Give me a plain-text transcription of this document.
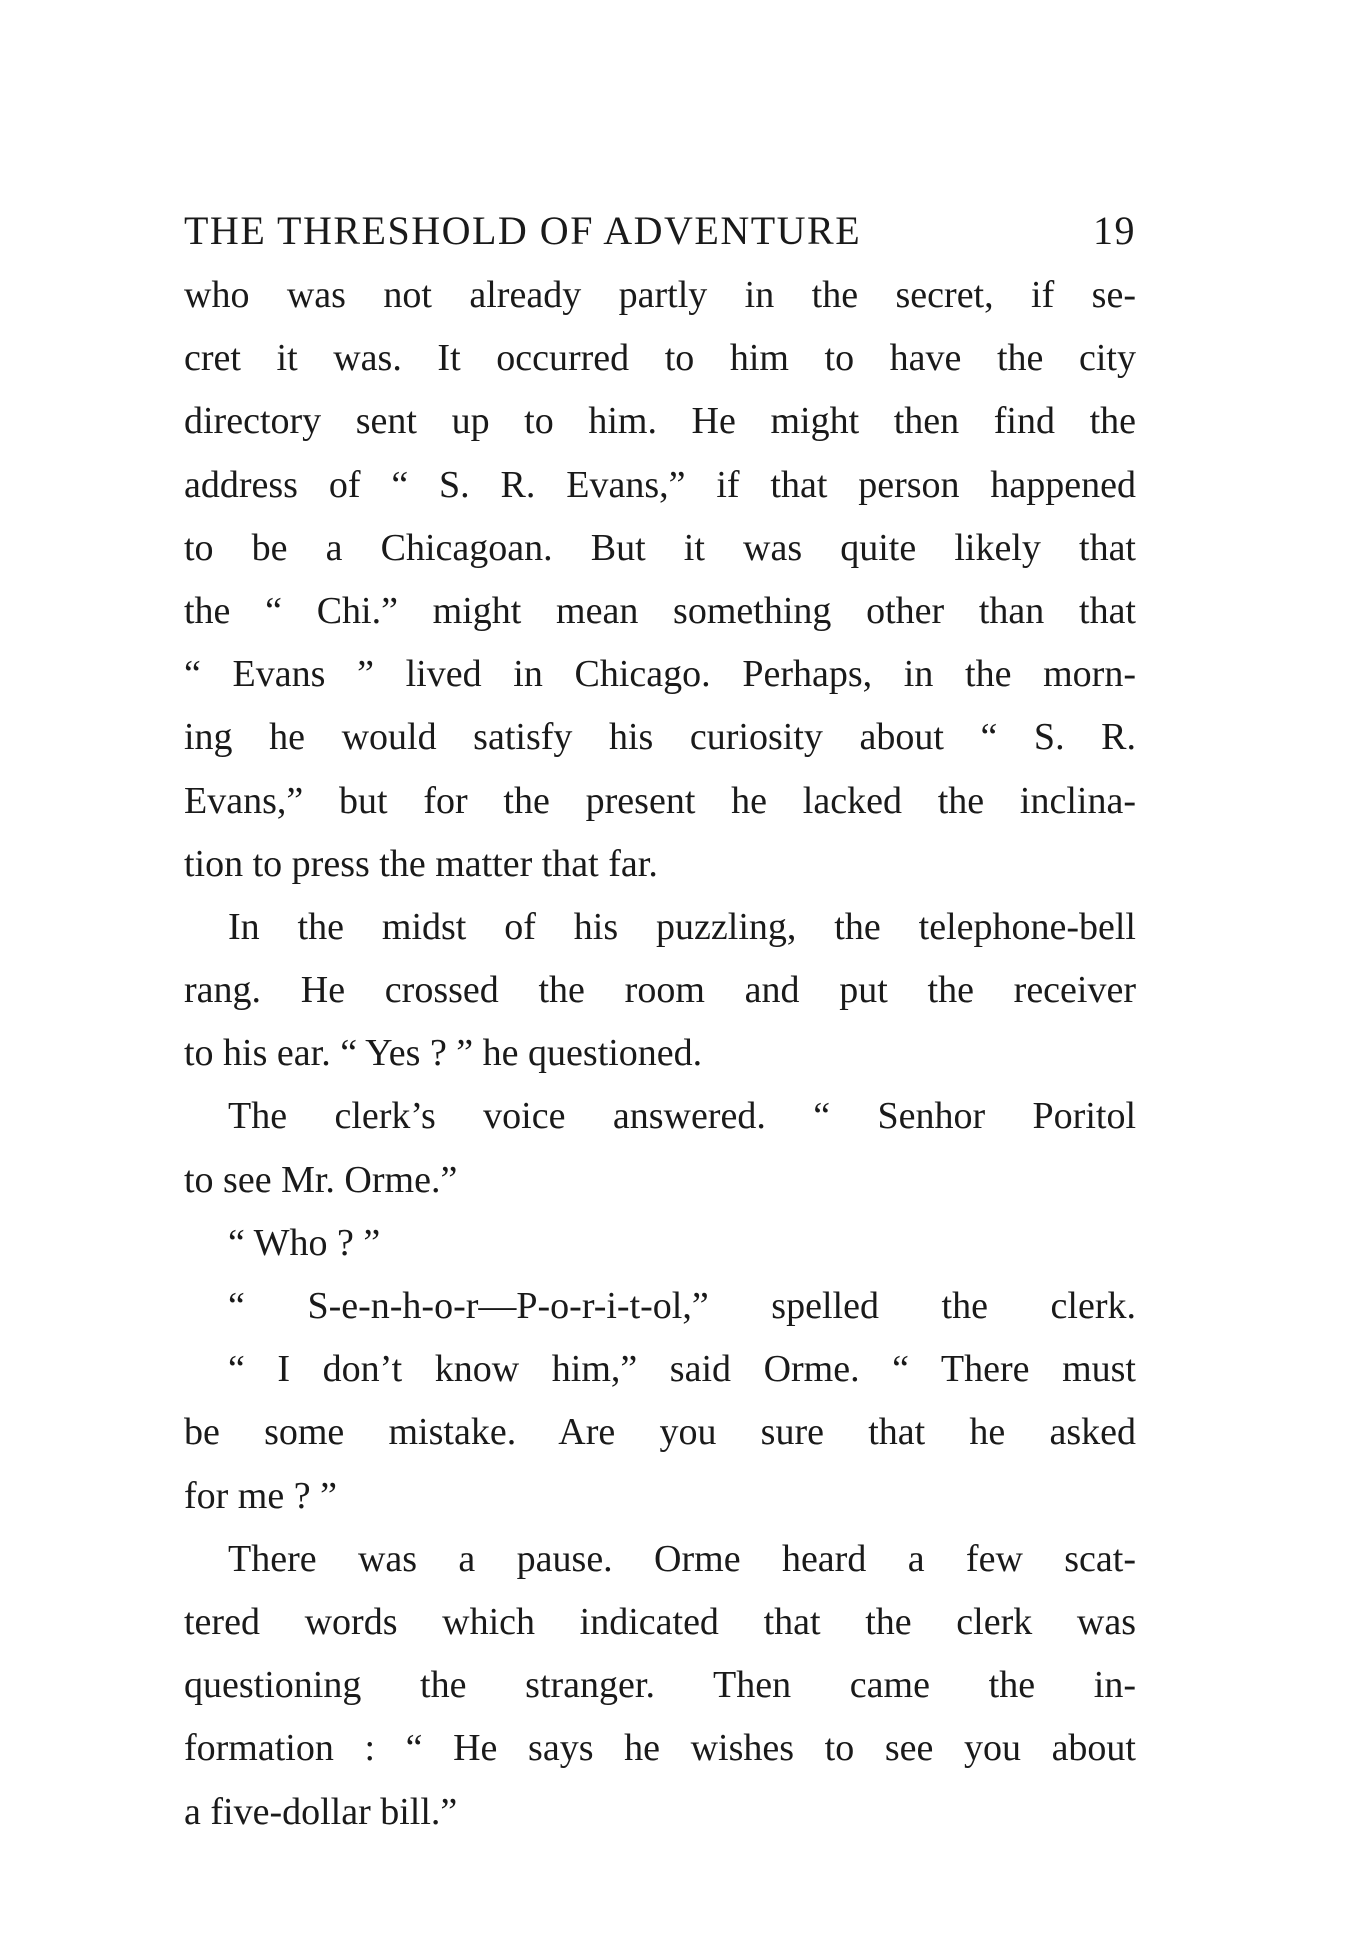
THE THRESHOLD OF ADVENTURE	19
who was not already partly in the secret, if se-
cret it was. It occurred to him to have the city
directory sent up to him. He might then find the
address of “ S. R. Evans,” if that person happened
to be a Chicagoan. But it was quite likely that
the “ Chi.” might mean something other than that
“ Evans ” lived in Chicago. Perhaps, in the morn-
ing he would satisfy his curiosity about “ S. R.
Evans,” but for the present he lacked the inclina-
tion to press the matter that far.
In the midst of his puzzling, the telephone-bell
rang. He crossed the room and put the receiver
to his ear. “ Yes ? ” he questioned.
The clerk’s voice answered. “ Senhor Poritol
to see Mr. Orme.”
“ Who ? ”
“ S-e-n-h-o-r—P-o-r-i-t-ol,” spelled the clerk.
“ I don’t know him,” said Orme. “ There must
be some mistake. Are you sure that he asked
for me ? ”
There was a pause. Orme heard a few scat-
tered words which indicated that the clerk was
questioning the stranger. Then came the in-
formation : “ He says he wishes to see you about
a five-dollar bill.”
